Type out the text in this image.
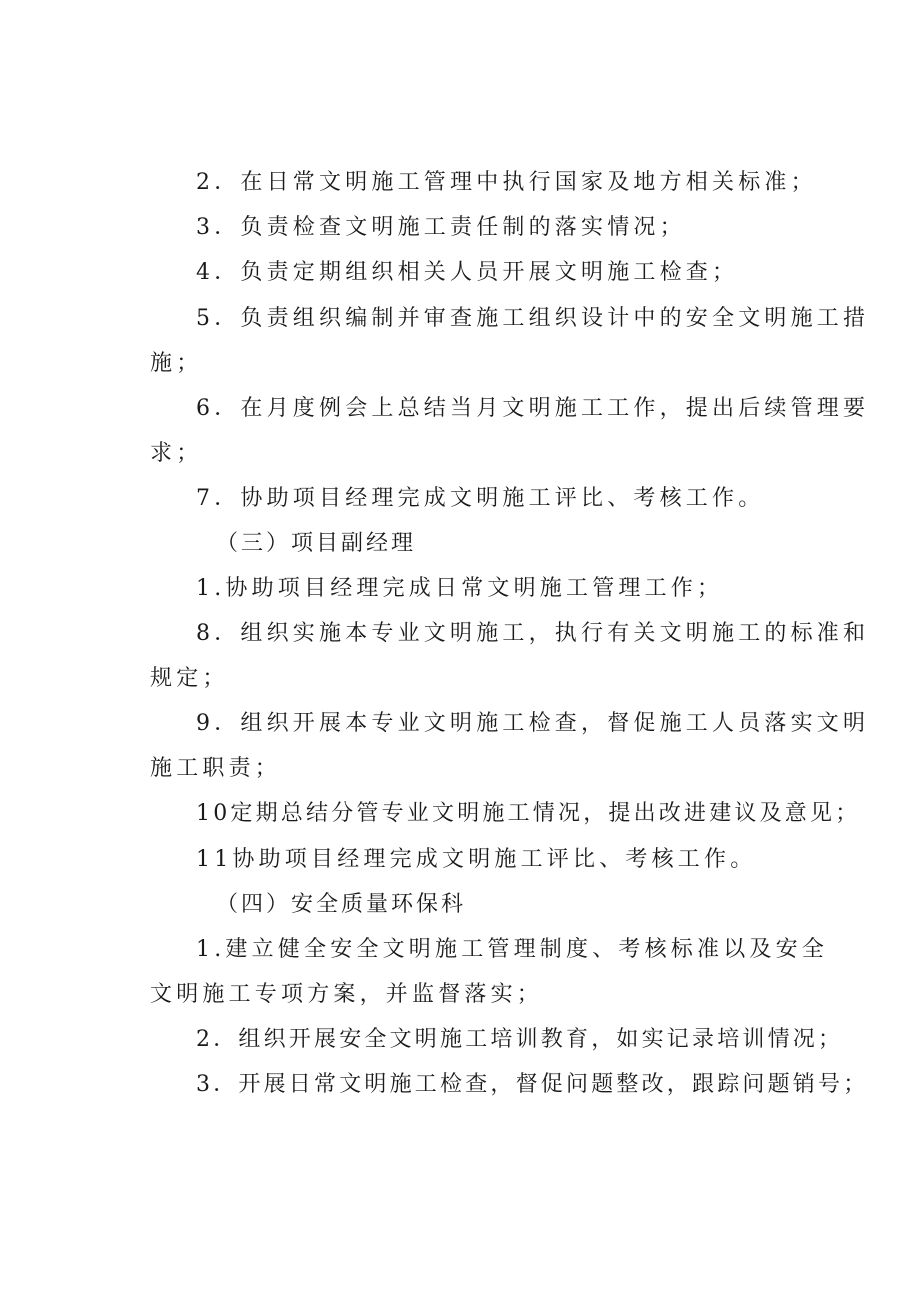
2．在日常文明施工管理中执行国家及地方相关标准；
3．负责检查文明施工责任制的落实情况；
4．负责定期组织相关人员开展文明施工检查；
5．负责组织编制并审查施工组织设计中的安全文明施工措
施；
6．在月度例会上总结当月文明施工工作，提出后续管理要
求；
7．协助项目经理完成文明施工评比、考核工作。
（三）项目副经理
1.协助项目经理完成日常文明施工管理工作；
8．组织实施本专业文明施工，执行有关文明施工的标准和
规定；
9．组织开展本专业文明施工检查，督促施工人员落实文明
施工职责；
10定期总结分管专业文明施工情况，提出改进建议及意见；
11协助项目经理完成文明施工评比、考核工作。
（四）安全质量环保科
1.建立健全安全文明施工管理制度、考核标准以及安全
文明施工专项方案，并监督落实；
2．组织开展安全文明施工培训教育，如实记录培训情况；
3．开展日常文明施工检查，督促问题整改，跟踪问题销号；
